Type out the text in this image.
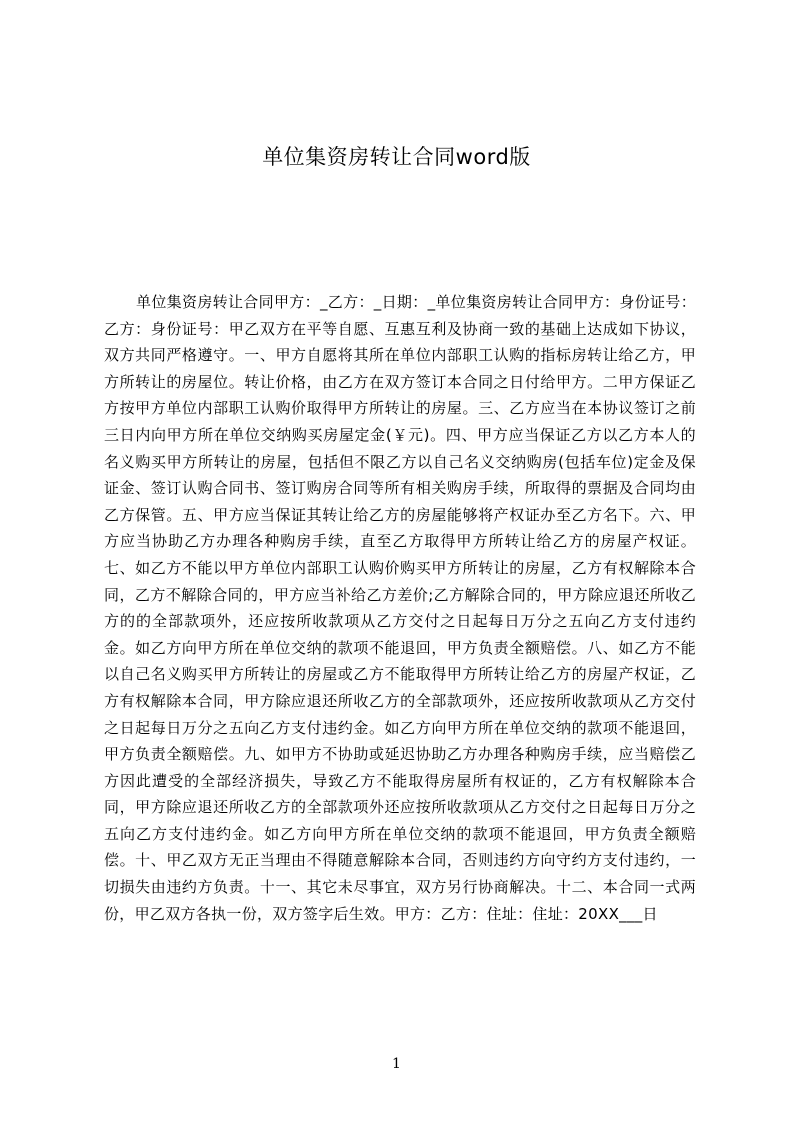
单位集资房转让合同word版

单位集资房转让合同甲方：_乙方：_日期：_单位集资房转让合同甲方：身份证号：乙方：身份证号：甲乙双方在平等自愿、互惠互利及协商一致的基础上达成如下协议，双方共同严格遵守。一、甲方自愿将其所在单位内部职工认购的指标房转让给乙方，甲方所转让的房屋位。转让价格，由乙方在双方签订本合同之日付给甲方。二甲方保证乙方按甲方单位内部职工认购价取得甲方所转让的房屋。三、乙方应当在本协议签订之前三日内向甲方所在单位交纳购买房屋定金(￥元)。四、甲方应当保证乙方以乙方本人的名义购买甲方所转让的房屋，包括但不限乙方以自己名义交纳购房(包括车位)定金及保证金、签订认购合同书、签订购房合同等所有相关购房手续，所取得的票据及合同均由乙方保管。五、甲方应当保证其转让给乙方的房屋能够将产权证办至乙方名下。六、甲方应当协助乙方办理各种购房手续，直至乙方取得甲方所转让给乙方的房屋产权证。七、如乙方不能以甲方单位内部职工认购价购买甲方所转让的房屋，乙方有权解除本合同，乙方不解除合同的，甲方应当补给乙方差价;乙方解除合同的，甲方除应退还所收乙方的的全部款项外，还应按所收款项从乙方交付之日起每日万分之五向乙方支付违约金。如乙方向甲方所在单位交纳的款项不能退回，甲方负责全额赔偿。八、如乙方不能以自己名义购买甲方所转让的房屋或乙方不能取得甲方所转让给乙方的房屋产权证，乙方有权解除本合同，甲方除应退还所收乙方的全部款项外，还应按所收款项从乙方交付之日起每日万分之五向乙方支付违约金。如乙方向甲方所在单位交纳的款项不能退回，甲方负责全额赔偿。九、如甲方不协助或延迟协助乙方办理各种购房手续，应当赔偿乙方因此遭受的全部经济损失，导致乙方不能取得房屋所有权证的，乙方有权解除本合同，甲方除应退还所收乙方的全部款项外还应按所收款项从乙方交付之日起每日万分之五向乙方支付违约金。如乙方向甲方所在单位交纳的款项不能退回，甲方负责全额赔偿。十、甲乙双方无正当理由不得随意解除本合同，否则违约方向守约方支付违约，一切损失由违约方负责。十一、其它未尽事宜，双方另行协商解决。十二、本合同一式两份，甲乙双方各执一份，双方签字后生效。甲方：乙方：住址：住址：20XX___日

1
